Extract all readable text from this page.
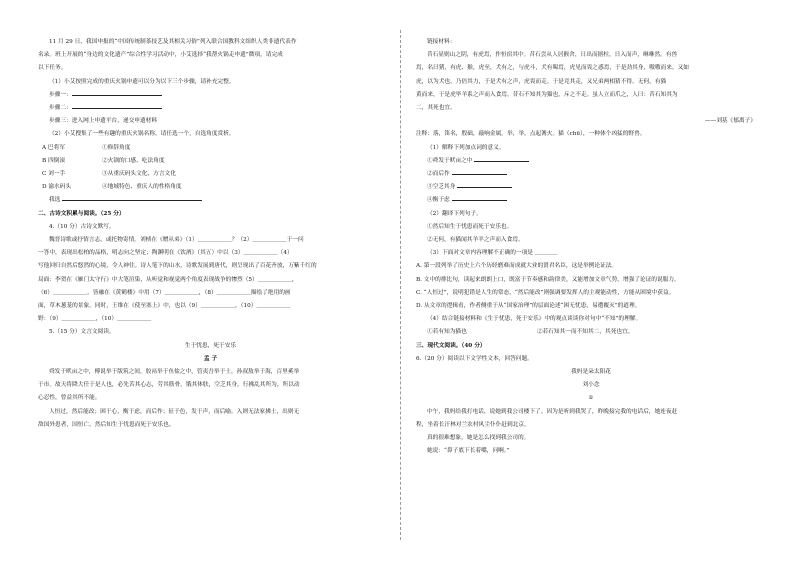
11 月 29 日，我国申报的“中国传统制茶技艺及其相关习俗”列入联合国教科文组织人类非遗代表作
名录。班上开展的“身边的文化遗产”综合性学习活动中，小艾选择“我帮火锅走申遗”微项，请完成
以下任务。
（1）小艾按照完成的重庆火锅申遗可以分为以下三个步骤，请补充完整。
步骤一：
步骤二：
步骤三：进入网上申遗平台，递交申遗材料
（2）小艾搜集了一些有趣的重庆火锅名称，请任选一个，自选角度赏析。
A 巴将军	①修辞角度
B 四倒滚	②火锅的口感、吃法角度
C 刘一手	③从重庆码头文化、方言文化
D 渝水码头	④地域特色、重庆人的性格角度
我选
二、古诗文积累与阅读。（25 分）
4.（10 分）古诗文默写。
魏晋诗歌或抒情言志，或托物寄情。刘桢在《赠从弟》（1）＿＿＿＿＿＿？（2）＿＿＿＿＿＿于一问
一答中，表现出松柏的品格，明志向之坚定；陶渊明在《饮酒》（其五）中以（3）＿＿＿＿＿＿（4）
写他回归自然后悠然的心境，令人神往。诗人笔下的山水，诗歌发展到唐代，则呈现出了百花齐放，万紫千红的
局面：李贺在《雁门太守行》中大笔渲染，从听觉和视觉两个角度表现战争的惨烈（5）＿＿＿＿＿＿，
（6）＿＿＿＿＿＿，皆融在《黄鹤楼》中用（7）＿＿＿＿＿＿，（8）＿＿＿＿＿＿描绘了绝用的画
面，草木葱茏的景象。同时，王维在《使至塞上》中，也以（9）＿＿＿＿＿＿，（10）＿＿＿＿＿＿
野：（9）＿＿＿＿＿＿，（10）＿＿＿＿＿＿
5.（15 分）文言文阅读。
生于忧患，死于安乐
孟 子
舜发于畎亩之中，傅说举于版筑之间，胶鬲举于鱼盐之中，管夷吾举于士，孙叔敖举于海，百里奚举
于市。故天将降大任于是人也，必先苦其心志，劳其筋骨，饿其体肤，空乏其身，行拂乱其所为，所以动
心忍性，曾益其所不能。
人恒过，然后能改；困于心，衡于虑，而后作；征于色，发于声，而后喻。入则无法家拂士，出则无
敌国外患者，国恒亡。然后知生于忧患而死于安乐也。
链接材料：
昔石显则山之阴，有虎焉，作恒宿其中。昔石尝从人居猴舍，日出而据柱，日入而声，咻咻然。有兽
焉，名曰猪，有虎、猴，虎至，犬有之，与虎斗，犬有嗥焉，虎见而畏之惑焉，于是劲其身，嗷嗷而来。又如
虎，以为犬也，乃倍其力，于是犬有之声，虎畏而走。于是竞其走，又兄弟两相猜不得。无何，有猫
黄而来，于是虎毕羊系之声而入食焉。昔石不知其为猫也，斥之不走。虽人立而爪之，人曰：昔石知其为
二，其死也宜。
——刘基《郁离子》
注释：落，笛名，殷础，敲响金属。举，举，点起篝火。猫（chū），一种体个凶猛的野兽。
（1）解释下列加点词的意义。
①舜发于畎亩之中
②而后作
③空乏其身
④衡于虑
（2）翻译下列句子。
①然后知生于忧患而死于安乐也。
②无何，有猫闻其羊羊之声而入食焉。
（3）下面对文章内容理解不正确的一项是 ＿＿＿＿
A. 第一段列举了历史上六个历经磨难而成就大业的贤君名臣，这是举例论证法。
B. 文中的排比句，读起来朗朗上口，既富于节奏感和韵律美，又能增加文章气势，增强了论证的说服力。
C. “人恒过”，说明犯错是人生的常态，“然后能改”则强调要发挥人的主观能动性，方能从困境中获益。
D. 从文章的逻辑看，作者侧重于从“国家治理”的层面论述“困无忧患，易遭覆灭”的道理。
（4）结合链接材料和《生于忧患，死于安乐》中的观点谈谈你对句中“不知”的理解。
①若有知为猫也	②若石知其一而不知其二，其死也宜。
三、现代文阅读。（40 分）
6.（20 分）阅读以下文学性文本，回答问题。
我妈是朵太阳花
刘小念
①
中午，我妈给我打电话，说她到我公司楼下了。因为是听到我哭了，昨晚接完我的电话后，她连夜赶
程，坐着长汗林对兰农村风尘仆仆赶到北京。
真的很难想象，她是怎么找到我公司的。
她说：“鼻子底下长着嘴，问啊。”
